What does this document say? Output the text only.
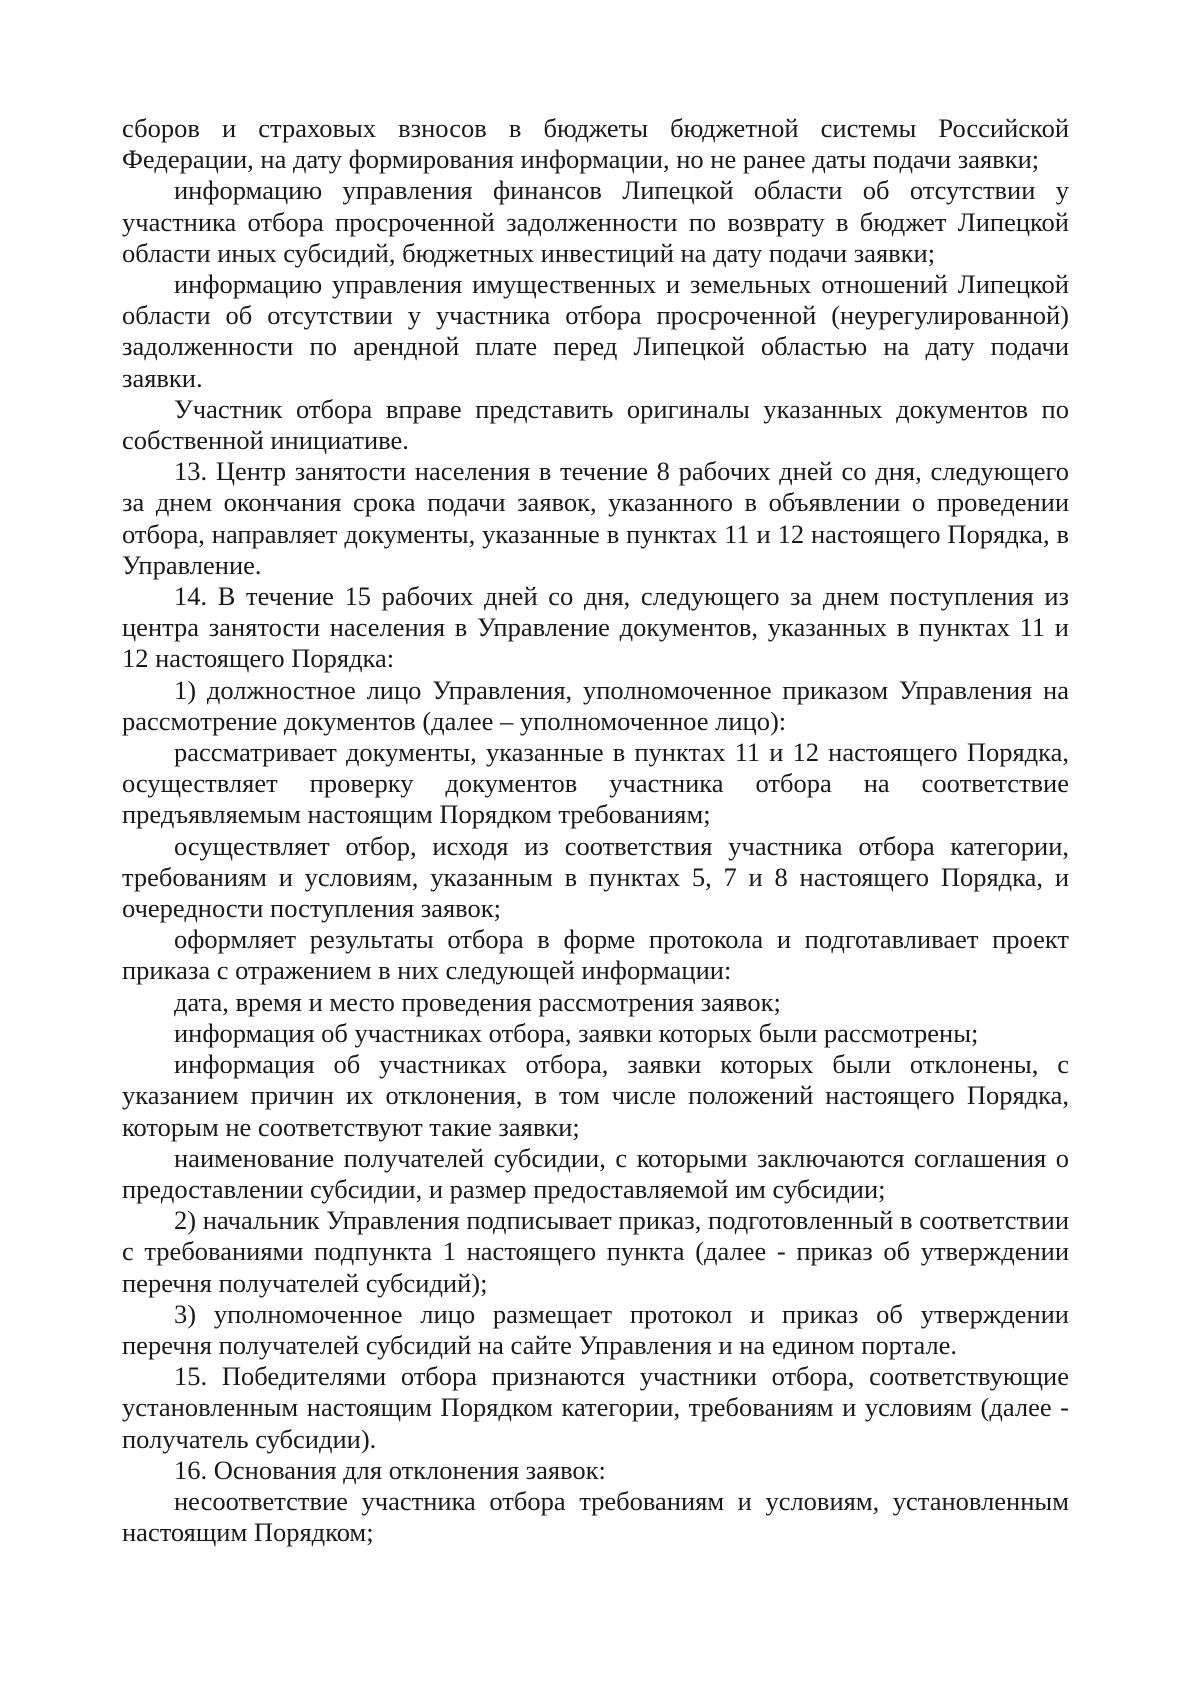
сборов и страховых взносов в бюджеты бюджетной системы Российской Федерации, на дату формирования информации, но не ранее даты подачи заявки;

информацию управления финансов Липецкой области об отсутствии у участника отбора просроченной задолженности по возврату в бюджет Липецкой области иных субсидий, бюджетных инвестиций на дату подачи заявки;

информацию управления имущественных и земельных отношений Липецкой области об отсутствии у участника отбора просроченной (неурегулированной) задолженности по арендной плате перед Липецкой областью на дату подачи заявки.

Участник отбора вправе представить оригиналы указанных документов по собственной инициативе.

13. Центр занятости населения в течение 8 рабочих дней со дня, следующего за днем окончания срока подачи заявок, указанного в объявлении о проведении отбора, направляет документы, указанные в пунктах 11 и 12 настоящего Порядка, в Управление.

14. В течение 15 рабочих дней со дня, следующего за днем поступления из центра занятости населения в Управление документов, указанных в пунктах 11 и 12 настоящего Порядка:

1) должностное лицо Управления, уполномоченное приказом Управления на рассмотрение документов (далее – уполномоченное лицо):

рассматривает документы, указанные в пунктах 11 и 12 настоящего Порядка, осуществляет проверку документов участника отбора на соответствие предъявляемым настоящим Порядком требованиям;

осуществляет отбор, исходя из соответствия участника отбора категории, требованиям и условиям, указанным в пунктах 5, 7 и 8 настоящего Порядка, и очередности поступления заявок;

оформляет результаты отбора в форме протокола и подготавливает проект приказа с отражением в них следующей информации:

дата, время и место проведения рассмотрения заявок;

информация об участниках отбора, заявки которых были рассмотрены;

информация об участниках отбора, заявки которых были отклонены, с указанием причин их отклонения, в том числе положений настоящего Порядка, которым не соответствуют такие заявки;

наименование получателей субсидии, с которыми заключаются соглашения о предоставлении субсидии, и размер предоставляемой им субсидии;

2) начальник Управления подписывает приказ, подготовленный в соответствии с требованиями подпункта 1 настоящего пункта (далее - приказ об утверждении перечня получателей субсидий);

3) уполномоченное лицо размещает протокол и приказ об утверждении перечня получателей субсидий на сайте Управления и на едином портале.

15. Победителями отбора признаются участники отбора, соответствующие установленным настоящим Порядком категории, требованиям и условиям (далее - получатель субсидии).

16. Основания для отклонения заявок:

несоответствие участника отбора требованиям и условиям, установленным настоящим Порядком;
